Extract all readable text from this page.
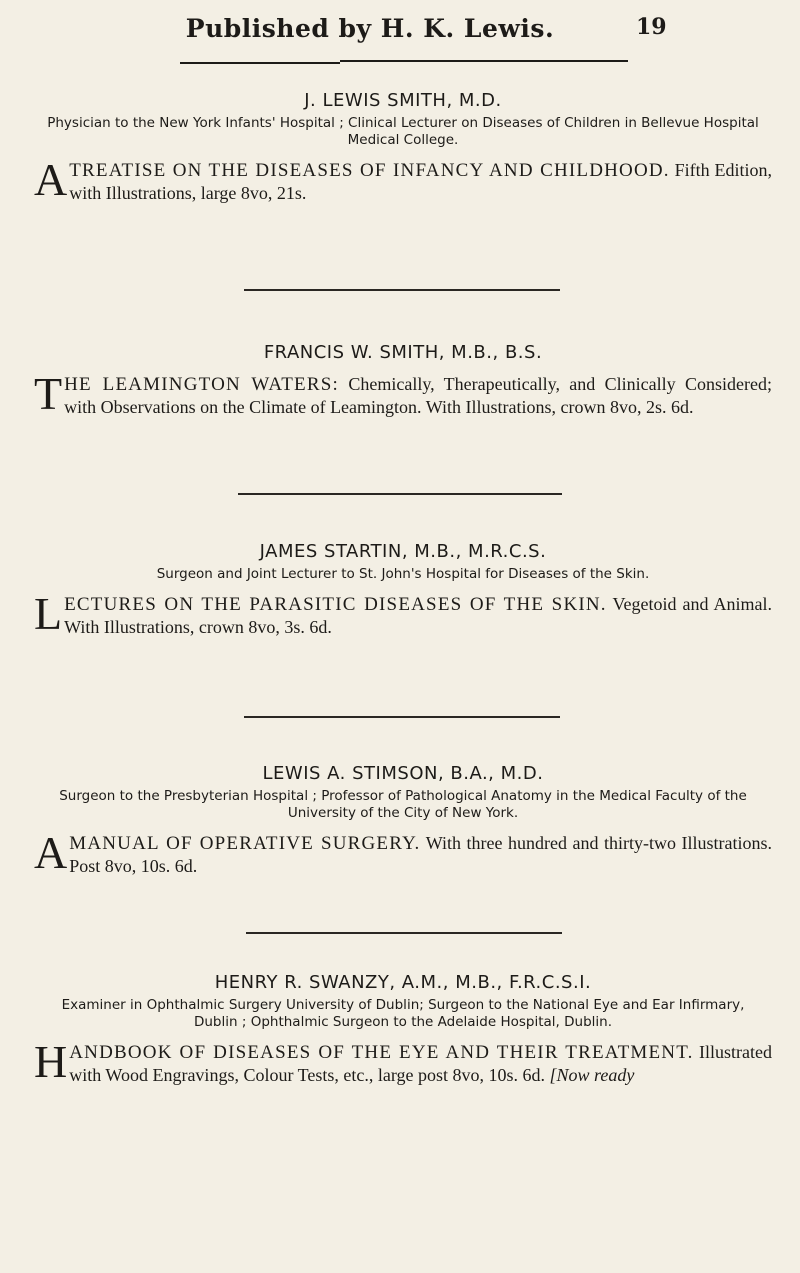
Published by H. K. Lewis.	19
J. LEWIS SMITH, M.D.

Physician to the New York Infants' Hospital ; Clinical Lecturer on Diseases of Children in Bellevue Hospital Medical College.

A TREATISE ON THE DISEASES OF INFANCY AND CHILDHOOD. Fifth Edition, with Illustrations, large 8vo, 21s.

FRANCIS W. SMITH, M.B., B.S.

T HE LEAMINGTON WATERS: Chemically, Therapeutically, and Clinically Considered; with Observations on the Climate of Leamington. With Illustrations, crown 8vo, 2s. 6d.

JAMES STARTIN, M.B., M.R.C.S.

Surgeon and Joint Lecturer to St. John's Hospital for Diseases of the Skin.

L ECTURES ON THE PARASITIC DISEASES OF THE SKIN. Vegetoid and Animal. With Illustrations, crown 8vo, 3s. 6d.

LEWIS A. STIMSON, B.A., M.D.

Surgeon to the Presbyterian Hospital ; Professor of Pathological Anatomy in the Medical Faculty of the University of the City of New York.

A MANUAL OF OPERATIVE SURGERY. With three hundred and thirty-two Illustrations. Post 8vo, 10s. 6d.

HENRY R. SWANZY, A.M., M.B., F.R.C.S.I.

Examiner in Ophthalmic Surgery University of Dublin; Surgeon to the National Eye and Ear Infirmary, Dublin ; Ophthalmic Surgeon to the Adelaide Hospital, Dublin.

H ANDBOOK OF DISEASES OF THE EYE AND THEIR TREATMENT. Illustrated with Wood Engravings, Colour Tests, etc., large post 8vo, 10s. 6d. [Now ready
